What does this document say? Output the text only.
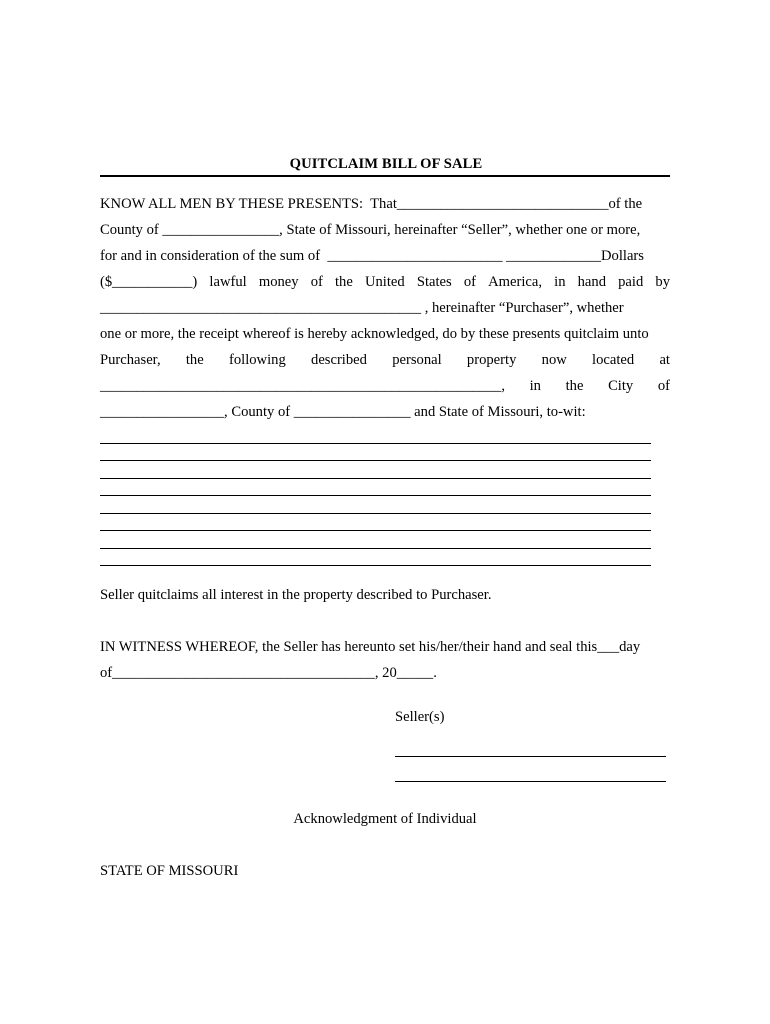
QUITCLAIM BILL OF SALE

KNOW ALL MEN BY THESE PRESENTS:  That_____________________________of the
County of ________________, State of Missouri, hereinafter “Seller”, whether one or more,
for and in consideration of the sum of  ________________________ _____________Dollars
($___________) lawful money of the United States of America, in hand paid by
____________________________________________ , hereinafter “Purchaser”, whether
one or more, the receipt whereof is hereby acknowledged, do by these presents quitclaim unto
Purchaser, the following described personal property now located at
_______________________________________________________, in the City of
_________________, County of ________________ and State of Missouri, to-wit:
Seller quitclaims all interest in the property described to Purchaser.
IN WITNESS WHEREOF, the Seller has hereunto set his/her/their hand and seal this___day
of____________________________________, 20_____.
Seller(s)
Acknowledgment of Individual
STATE OF MISSOURI
